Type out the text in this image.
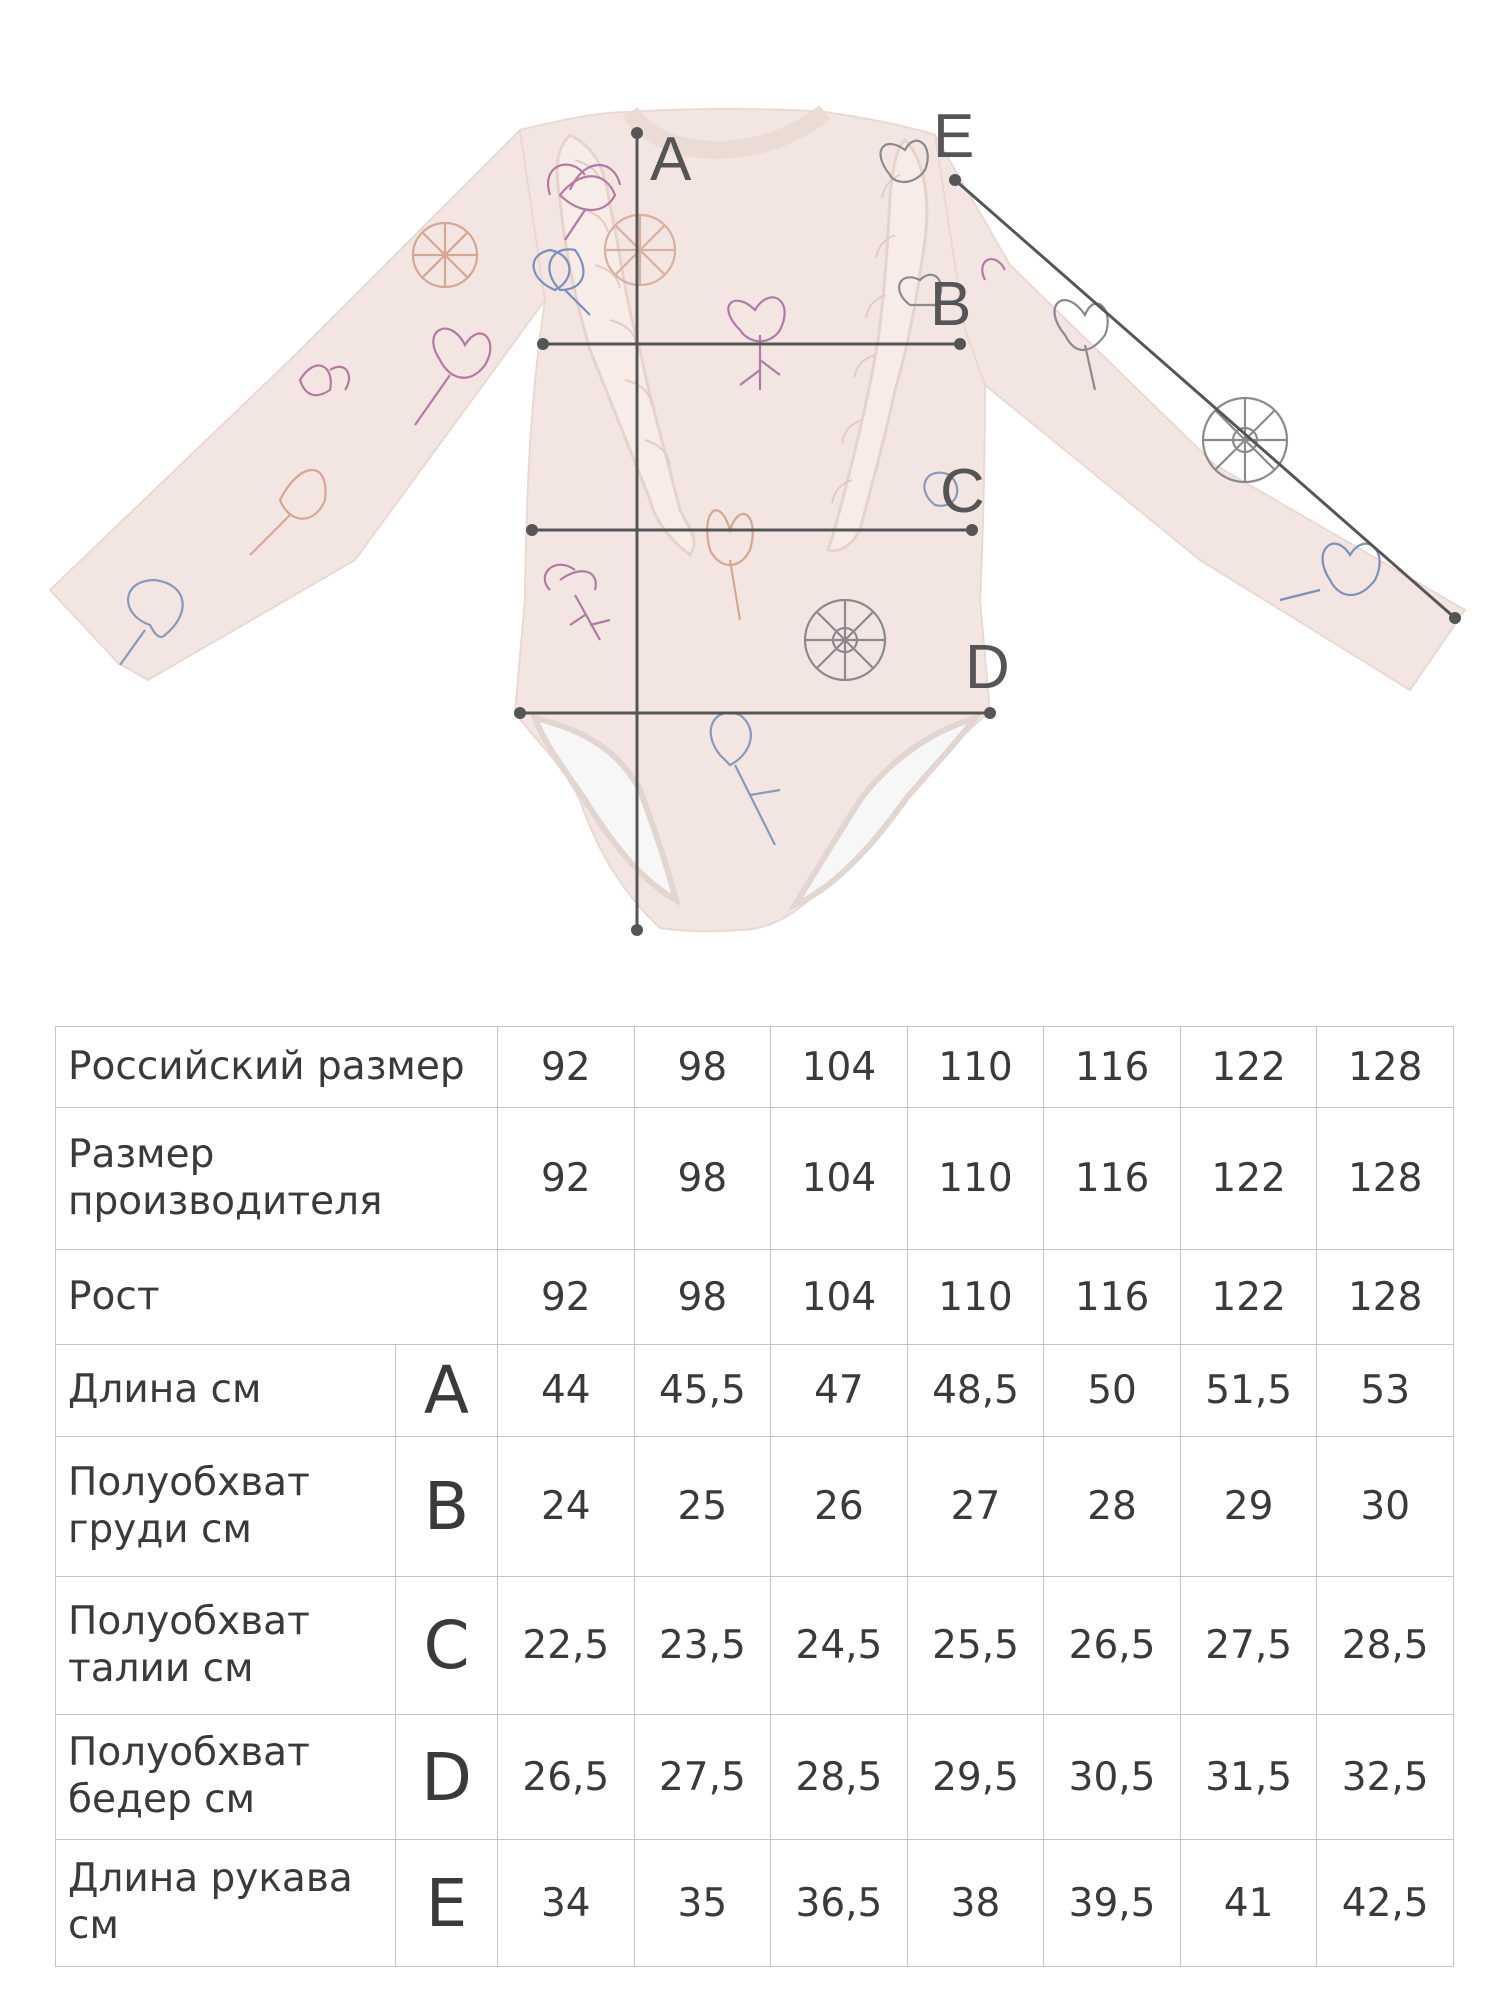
A
B
C
D
E
Российский размер		92	98	104	110	116	122	128
Размер производителя		92	98	104	110	116	122	128
Рост		92	98	104	110	116	122	128
Длина см	A	44	45,5	47	48,5	50	51,5	53
Полуобхват груди см	B	24	25	26	27	28	29	30
Полуобхват талии см	C	22,5	23,5	24,5	25,5	26,5	27,5	28,5
Полуобхват бедер см	D	26,5	27,5	28,5	29,5	30,5	31,5	32,5
Длина рукава см	E	34	35	36,5	38	39,5	41	42,5
